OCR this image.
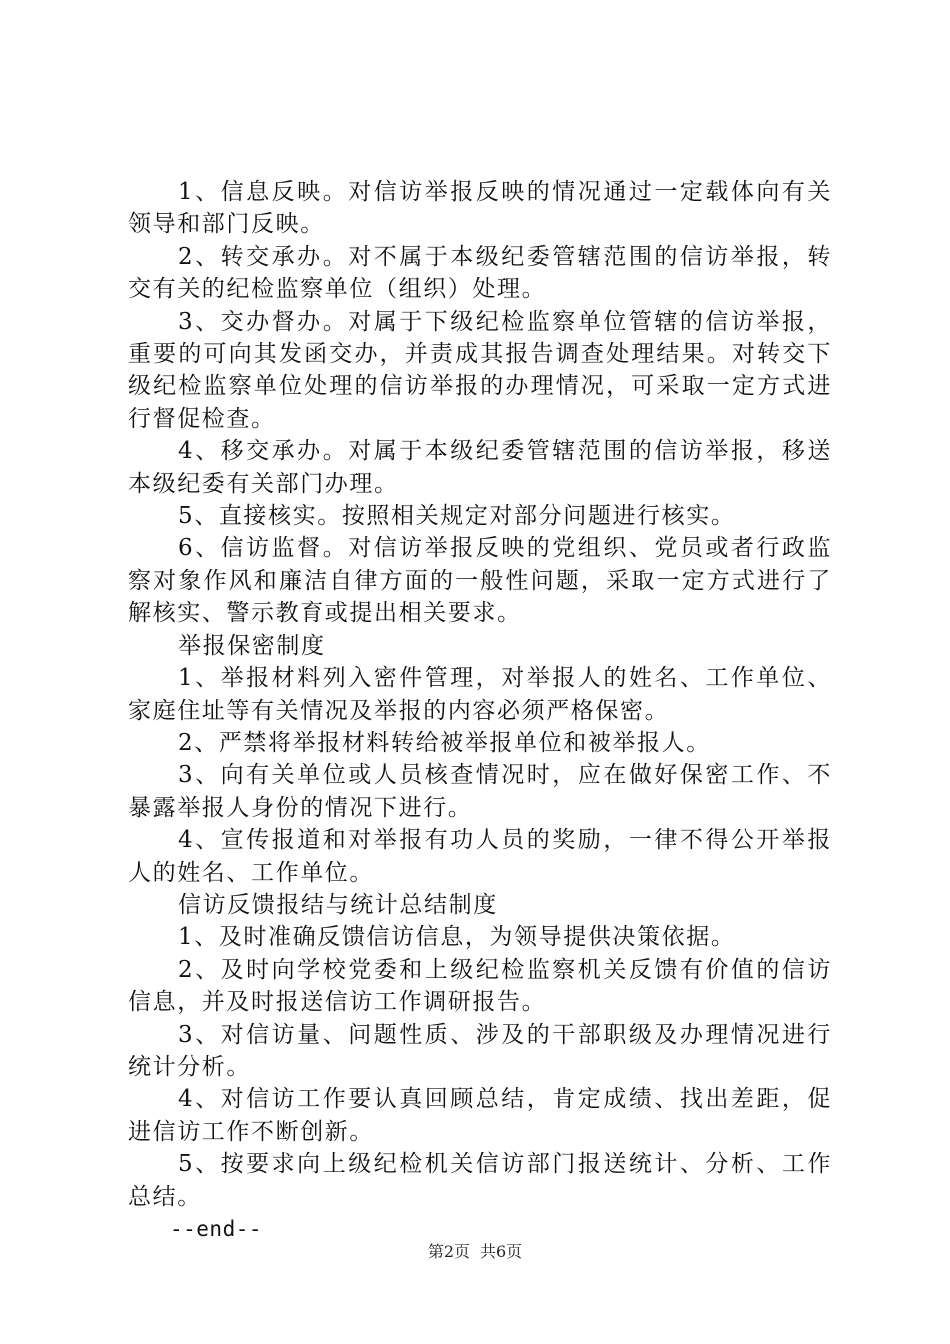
1、信息反映。对信访举报反映的情况通过一定载体向有关领导和部门反映。

2、转交承办。对不属于本级纪委管辖范围的信访举报，转交有关的纪检监察单位（组织）处理。

3、交办督办。对属于下级纪检监察单位管辖的信访举报，重要的可向其发函交办，并责成其报告调查处理结果。对转交下级纪检监察单位处理的信访举报的办理情况，可采取一定方式进行督促检查。

4、移交承办。对属于本级纪委管辖范围的信访举报，移送本级纪委有关部门办理。

5、直接核实。按照相关规定对部分问题进行核实。

6、信访监督。对信访举报反映的党组织、党员或者行政监察对象作风和廉洁自律方面的一般性问题，采取一定方式进行了解核实、警示教育或提出相关要求。

举报保密制度

1、举报材料列入密件管理，对举报人的姓名、工作单位、家庭住址等有关情况及举报的内容必须严格保密。

2、严禁将举报材料转给被举报单位和被举报人。

3、向有关单位或人员核查情况时，应在做好保密工作、不暴露举报人身份的情况下进行。

4、宣传报道和对举报有功人员的奖励，一律不得公开举报人的姓名、工作单位。

信访反馈报结与统计总结制度

1、及时准确反馈信访信息，为领导提供决策依据。

2、及时向学校党委和上级纪检监察机关反馈有价值的信访信息，并及时报送信访工作调研报告。

3、对信访量、问题性质、涉及的干部职级及办理情况进行统计分析。

4、对信访工作要认真回顾总结，肯定成绩、找出差距，促进信访工作不断创新。

5、按要求向上级纪检机关信访部门报送统计、分析、工作总结。

--end--

第2页 共6页
